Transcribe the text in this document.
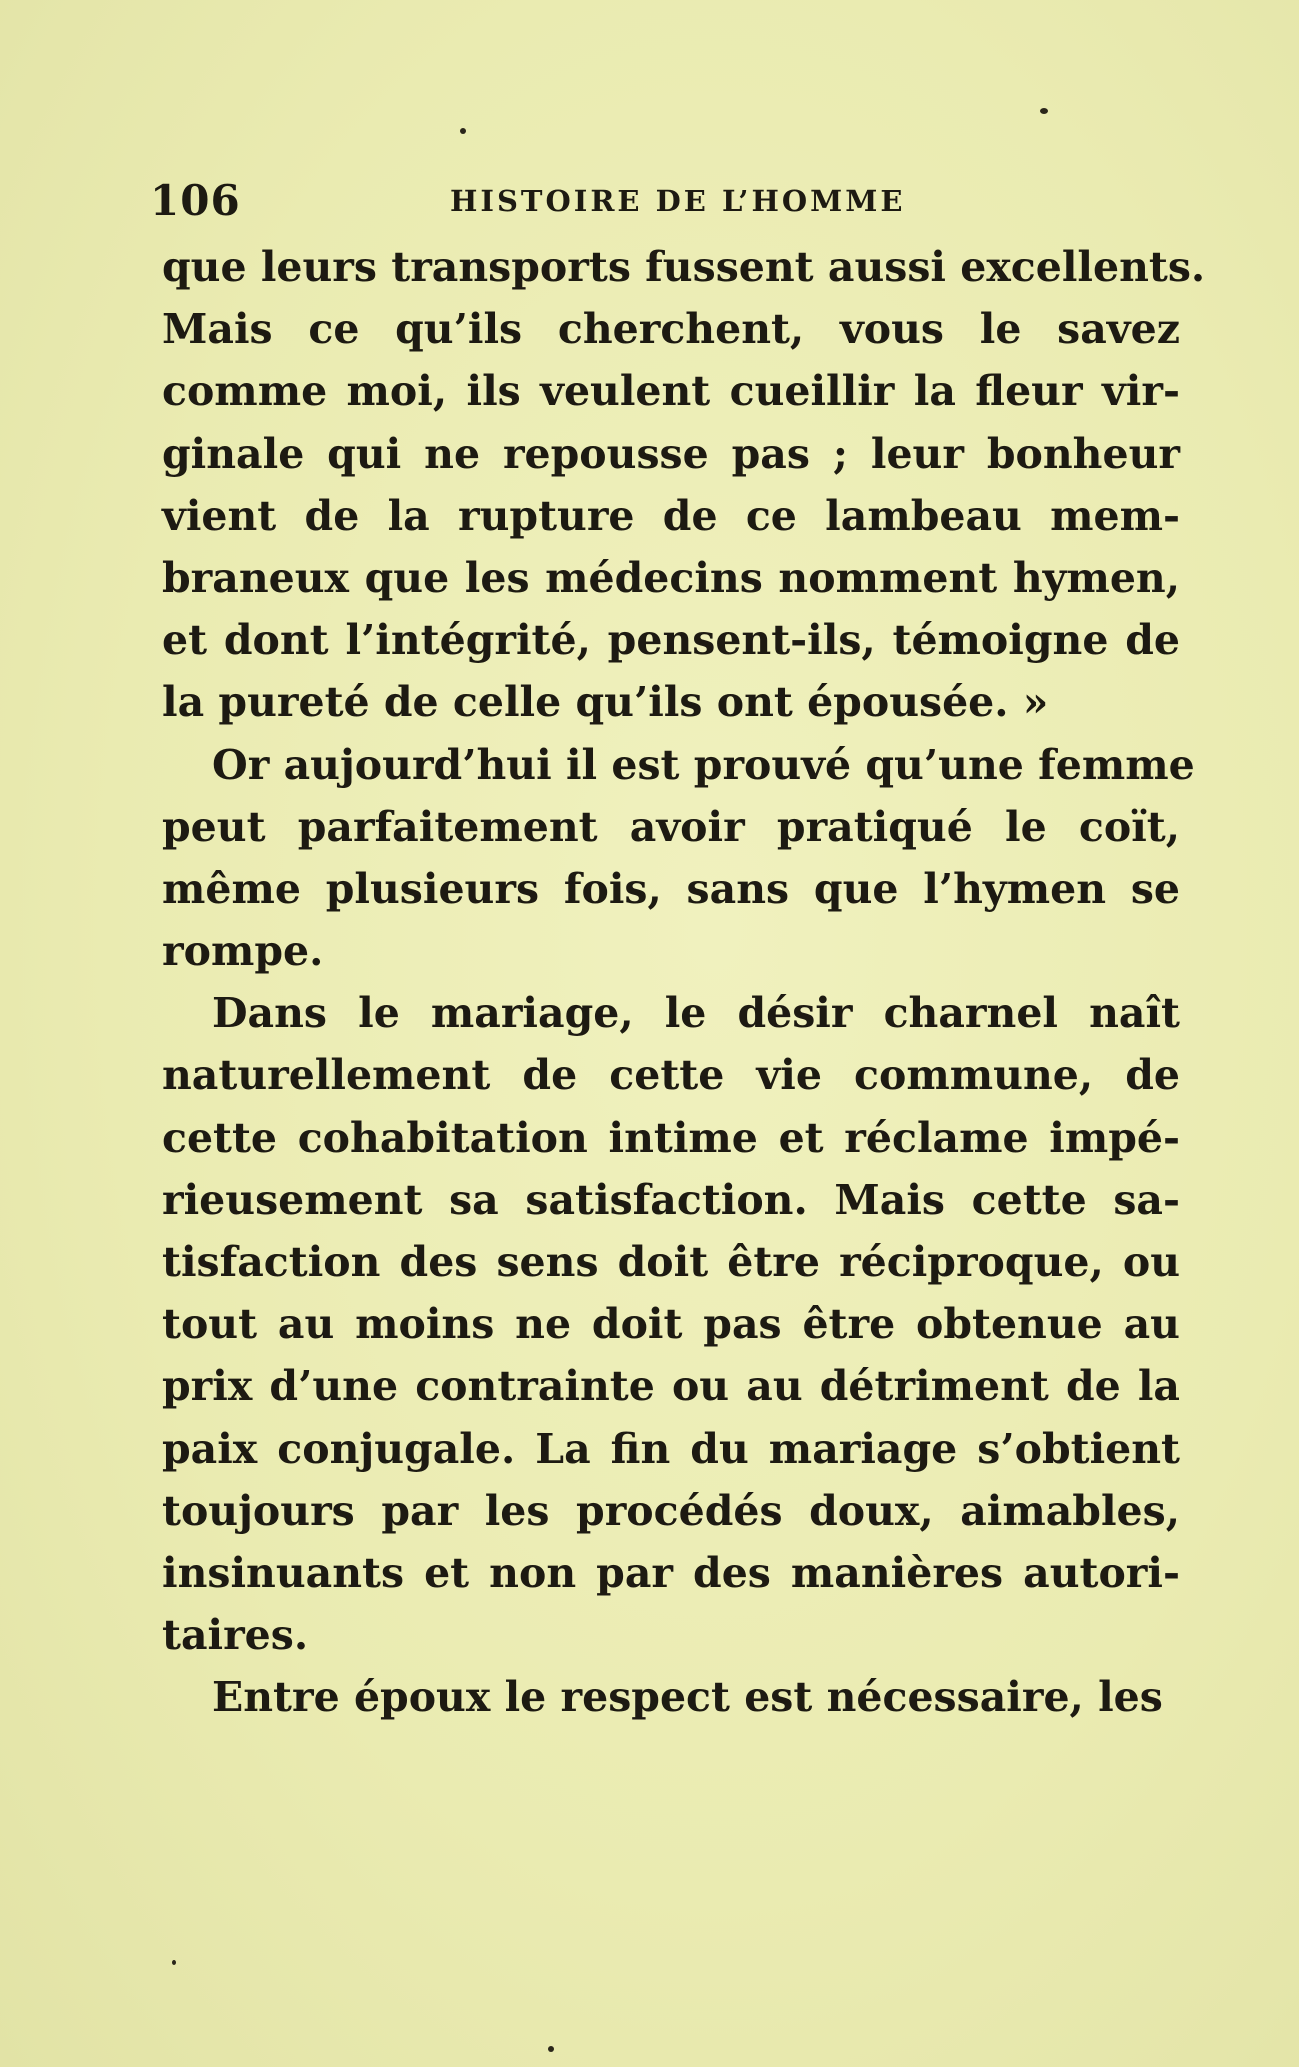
106	HISTOIRE DE L’HOMME
que leurs transports fussent aussi excellents.
Mais ce qu’ils cherchent, vous le savez
comme moi, ils veulent cueillir la fleur vir-
ginale qui ne repousse pas ; leur bonheur
vient de la rupture de ce lambeau mem-
braneux que les médecins nomment hymen,
et dont l’intégrité, pensent-ils, témoigne de
la pureté de celle qu’ils ont épousée. »
Or aujourd’hui il est prouvé qu’une femme
peut parfaitement avoir pratiqué le coït,
même plusieurs fois, sans que l’hymen se
rompe.
Dans le mariage, le désir charnel naît
naturellement de cette vie commune, de
cette cohabitation intime et réclame impé-
rieusement sa satisfaction. Mais cette sa-
tisfaction des sens doit être réciproque, ou
tout au moins ne doit pas être obtenue au
prix d’une contrainte ou au détriment de la
paix conjugale. La fin du mariage s’obtient
toujours par les procédés doux, aimables,
insinuants et non par des manières autori-
taires.
Entre époux le respect est nécessaire, les
